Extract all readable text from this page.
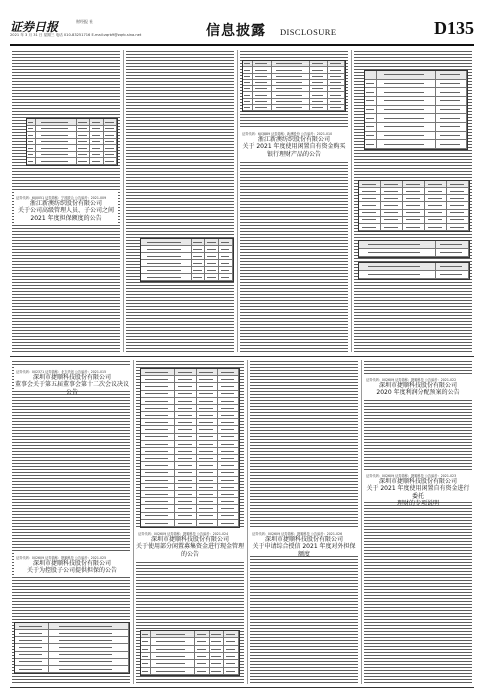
证券日报	财经报 社
2021 年 3 月 31 日 星期三 电话 010-83251716 E-mail:zqrb9@zqrb.sina.net	信息披露 DISCLOSURE	D135
证券代码：600051 证券简称：宁波联合 公告编号：2021-009
浙江新澳纺织股份有限公司
关于公司高级管理人员、子公司之间
2021 年度担保额度的公告
证券代码：603889 证券简称：新澳股份 公告编号：2021-010
浙江新澳纺织股份有限公司
关于 2021 年度使用闲置自有资金购买
银行理财产品的公告
证券代码：002371 证券简称：北方华创 公告编号：2021-015
深圳市捷顺科技股份有限公司
董事会关于第五届董事会第十二次会议决议公告
证券代码：002609 证券简称：捷顺科技 公告编号：2021-022
深圳市捷顺科技股份有限公司
2020 年度利润分配预案的公告
证券代码：002609 证券简称：捷顺科技 公告编号：2021-023
深圳市捷顺科技股份有限公司
关于 2021 年度使用闲置自有资金进行委托
理财的专项说明
证券代码：002609 证券简称：捷顺科技 公告编号：2021-024
深圳市捷顺科技股份有限公司
关于使用部分闲置募集资金进行现金管理
的公告
证券代码：002609 证券简称：捷顺科技 公告编号：2021-025
深圳市捷顺科技股份有限公司
关于为控股子公司提供担保的公告
证券代码：002609 证券简称：捷顺科技 公告编号：2021-026
深圳市捷顺科技股份有限公司
关于申请综合授信 2021 年度对外担保额度
